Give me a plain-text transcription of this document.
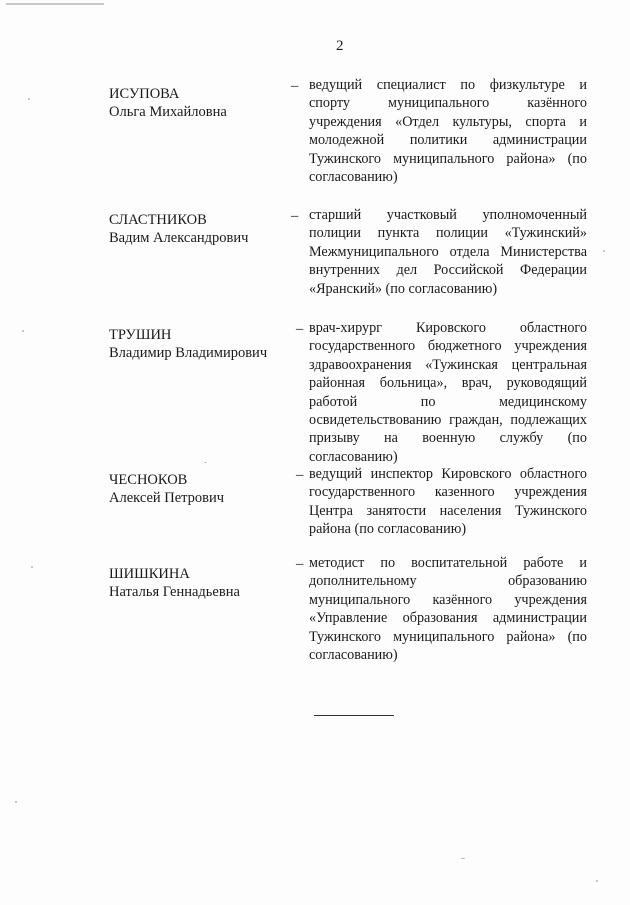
2
ИСУПОВА
Ольга Михайловна
– ведущий специалист по физкультуре и спорту муниципального казённого учреждения «Отдел культуры, спорта и молодежной политики администрации Тужинского муниципального района» (по согласованию)
СЛАСТНИКОВ
Вадим Александрович
– старший участковый уполномоченный полиции пункта полиции «Тужинский» Межмуниципального отдела Министерства внутренних дел Российской Федерации «Яранский» (по согласованию)
ТРУШИН
Владимир Владимирович
– врач-хирург Кировского областного государственного бюджетного учреждения здравоохранения «Тужинская центральная районная больница», врач, руководящий работой по медицинскому освидетельствованию граждан, подлежащих призыву на военную службу (по согласованию)
ЧЕСНОКОВ
Алексей Петрович
– ведущий инспектор Кировского областного государственного казенного учреждения Центра занятости населения Тужинского района (по согласованию)
ШИШКИНА
Наталья Геннадьевна
– методист по воспитательной работе и дополнительному образованию муниципального казённого учреждения «Управление образования администрации Тужинского муниципального района» (по согласованию)
